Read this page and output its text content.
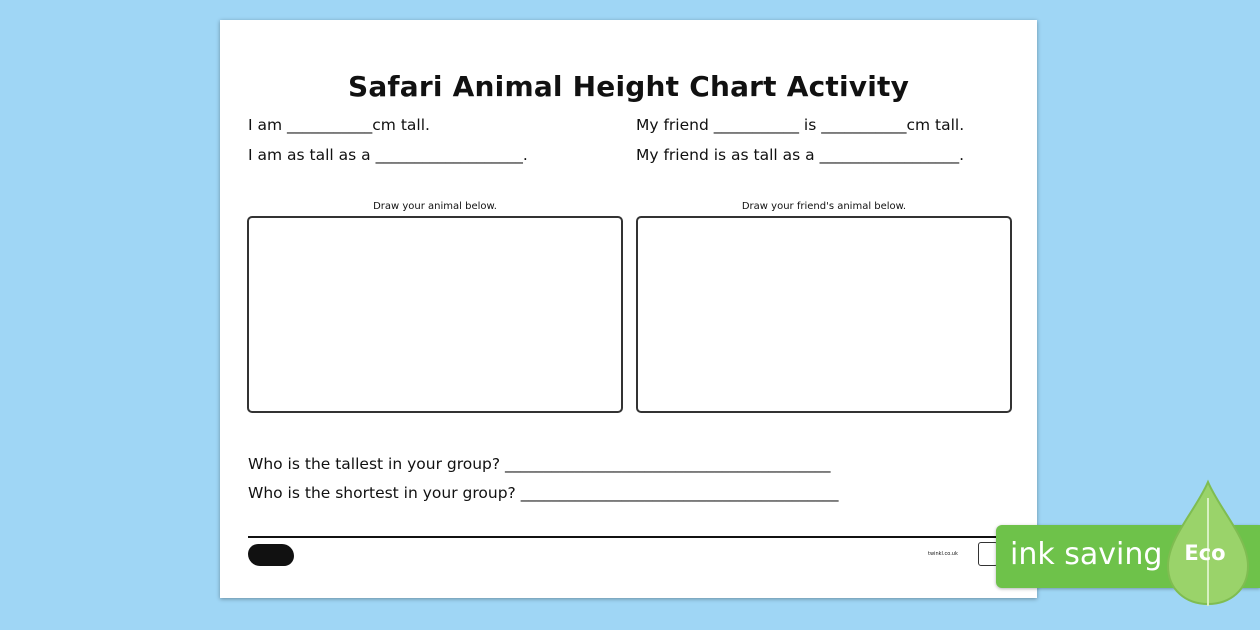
Safari Animal Height Chart Activity
I am ___________cm tall.
I am as tall as a ___________________.
My friend ___________ is ___________cm tall.
My friend is as tall as a __________________.
Draw your animal below.	Draw your friend's animal below.
Who is the tallest in your group? __________________________________________
Who is the shortest in your group? _________________________________________
twinkl.co.uk ink saving	Eco
